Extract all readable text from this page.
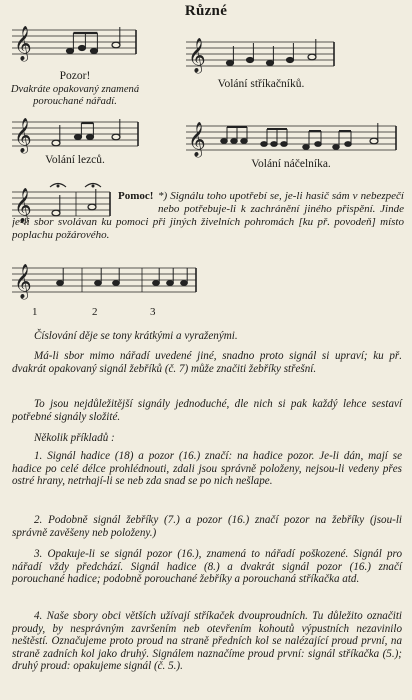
Různé
𝄞
Pozor!
Dvakráte opakovaný znamená porouchané nářadí.
𝄞
Volání stříkačníků.
𝄞
Volání lezců.
𝄞
Volání náčelníka.
𝄞	Pomoc! *) Signálu toho upotřebí se, je-li hasič sám v nebezpečí nebo potřebuje-li k zachránění jiného přispění. Jinde
je-li sbor svolávan ku pomoci při jiných živelních pohromách [ku př. povodeň] místo poplachu požárového.
𝄞
1	2	3
Číslování děje se tony krátkými a vyraženými.
Má-li sbor mimo nářadí uvedené jiné, snadno proto signál si upraví; ku př. dvakrát opakovaný signál žebříků (č. 7) může značiti žebříky střešní.
To jsou nejdůležitější signály jednoduché, dle nich si pak každý lehce sestaví potřebné signály složité.
Několik příkladů :
1. Signál hadice (18) a pozor (16.) značí: na hadice pozor. Je-li dán, mají se hadice po celé délce prohlédnouti, zdali jsou správně položeny, nejsou-li vedeny přes ostré hrany, netrhají-li se neb zda snad se po nich nešlape.
2. Podobně signál žebříky (7.) a pozor (16.) značí pozor na žebříky (jsou-li správně zavěšeny neb položeny.)
3. Opakuje-li se signál pozor (16.), znamená to nářadí poškozené. Signál pro nářadí vždy předchází. Signál hadice (8.) a dvakrát signál pozor (16.) značí porouchané hadice; podobně porouchané žebříky a porouchaná stříkačka atd.
4. Naše sbory obci větších užívají stříkaček dvouproudních. Tu důležito označiti proudy, by nesprávným završením neb otevřením kohoutů výpustních nezavinilo neštěstí. Označujeme proto proud na straně předních kol se nalézající proud první, na straně zadních kol jako druhý. Signálem naznačíme proud první: signál stříkačka (5.); druhý proud: opakujeme signál (č. 5.).
